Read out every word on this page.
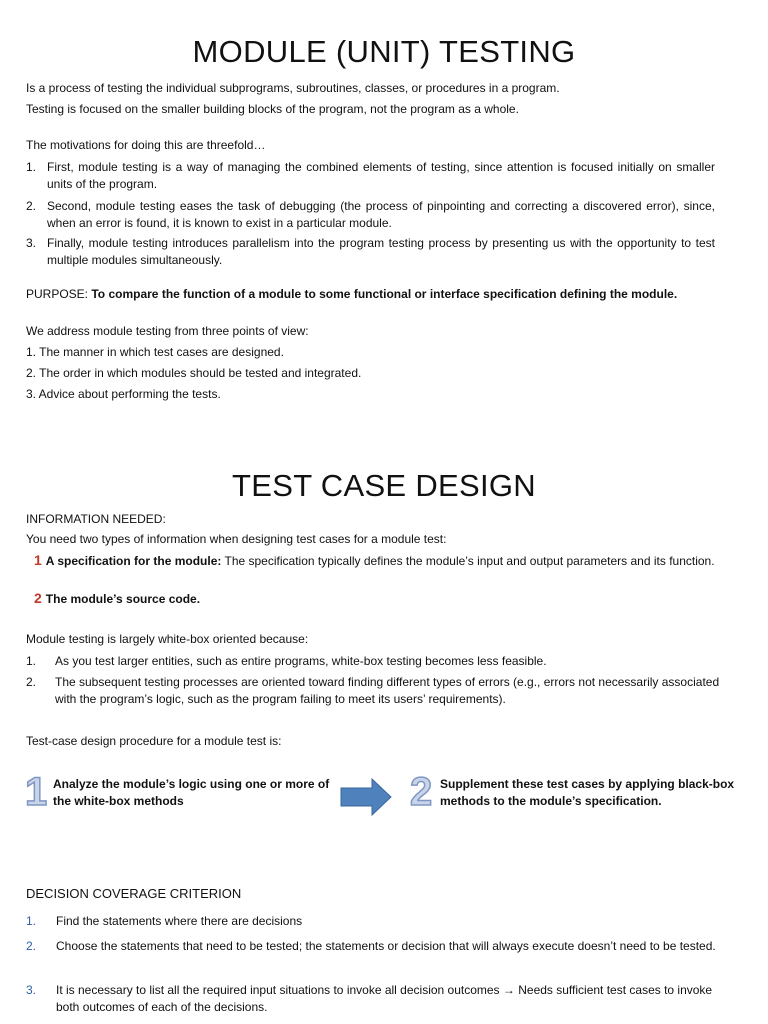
MODULE (UNIT) TESTING

Is a process of testing the individual subprograms, subroutines, classes, or procedures in a program.

Testing is focused on the smaller building blocks of the program, not the program as a whole.

The motivations for doing this are threefold…

1. First, module testing is a way of managing the combined elements of testing, since attention is focused initially on smaller units of the program.

2. Second, module testing eases the task of debugging (the process of pinpointing and correcting a discovered error), since, when an error is found, it is known to exist in a particular module.

3. Finally, module testing introduces parallelism into the program testing process by presenting us with the opportunity to test multiple modules simultaneously.

PURPOSE: To compare the function of a module to some functional or interface specification defining the module.

We address module testing from three points of view:

1. The manner in which test cases are designed.

2. The order in which modules should be tested and integrated.

3. Advice about performing the tests.

TEST CASE DESIGN

INFORMATION NEEDED:

You need two types of information when designing test cases for a module test:

1 A specification for the module: The specification typically defines the module’s input and output parameters and its function.

2 The module’s source code.

Module testing is largely white-box oriented because:

1. As you test larger entities, such as entire programs, white-box testing becomes less feasible.

2. The subsequent testing processes are oriented toward finding different types of errors (e.g., errors not necessarily associated with the program’s logic, such as the program failing to meet its users’ requirements).

Test-case design procedure for a module test is:

1 Analyze the module’s logic using one or more of the white-box methods	2 Supplement these test cases by applying black-box methods to the module’s specification.

DECISION COVERAGE CRITERION

1. Find the statements where there are decisions

2. Choose the statements that need to be tested; the statements or decision that will always execute doesn’t need to be tested.

3. It is necessary to list all the required input situations to invoke all decision outcomes → Needs sufficient test cases to invoke both outcomes of each of the decisions.
